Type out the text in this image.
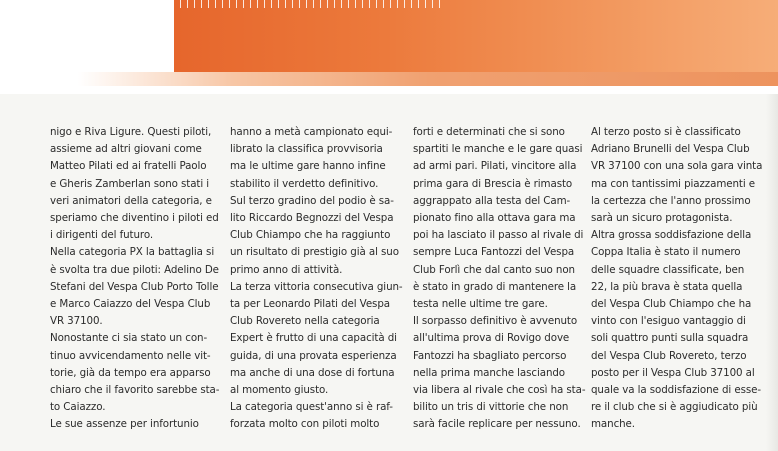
nigo e Riva Ligure. Questi piloti,
assieme ad altri giovani come
Matteo Pilati ed ai fratelli Paolo
e Gheris Zamberlan sono stati i
veri animatori della categoria, e
speriamo che diventino i piloti ed
i dirigenti del futuro.
Nella categoria PX la battaglia si
è svolta tra due piloti: Adelino De
Stefani del Vespa Club Porto Tolle
e Marco Caiazzo del Vespa Club
VR 37100.
Nonostante ci sia stato un con-
tinuo avvicendamento nelle vit-
torie, già da tempo era apparso
chiaro che il favorito sarebbe sta-
to Caiazzo.
Le sue assenze per infortunio
hanno a metà campionato equi-
librato la classifica provvisoria
ma le ultime gare hanno infine
stabilito il verdetto definitivo.
Sul terzo gradino del podio è sa-
lito Riccardo Begnozzi del Vespa
Club Chiampo che ha raggiunto
un risultato di prestigio già al suo
primo anno di attività.
La terza vittoria consecutiva giun-
ta per Leonardo Pilati del Vespa
Club Rovereto nella categoria
Expert è frutto di una capacità di
guida, di una provata esperienza
ma anche di una dose di fortuna
al momento giusto.
La categoria quest'anno si è raf-
forzata molto con piloti molto
forti e determinati che si sono
spartiti le manche e le gare quasi
ad armi pari. Pilati, vincitore alla
prima gara di Brescia è rimasto
aggrappato alla testa del Cam-
pionato fino alla ottava gara ma
poi ha lasciato il passo al rivale di
sempre Luca Fantozzi del Vespa
Club Forlì che dal canto suo non
è stato in grado di mantenere la
testa nelle ultime tre gare.
Il sorpasso definitivo è avvenuto
all'ultima prova di Rovigo dove
Fantozzi ha sbagliato percorso
nella prima manche lasciando
via libera al rivale che così ha sta-
bilito un tris di vittorie che non
sarà facile replicare per nessuno.
Al terzo posto si è classificato
Adriano Brunelli del Vespa Club
VR 37100 con una sola gara vinta
ma con tantissimi piazzamenti e
la certezza che l'anno prossimo
sarà un sicuro protagonista.
Altra grossa soddisfazione della
Coppa Italia è stato il numero
delle squadre classificate, ben
22, la più brava è stata quella
del Vespa Club Chiampo che ha
vinto con l'esiguo vantaggio di
soli quattro punti sulla squadra
del Vespa Club Rovereto, terzo
posto per il Vespa Club 37100 al
quale va la soddisfazione di esse-
re il club che si è aggiudicato più
manche.
